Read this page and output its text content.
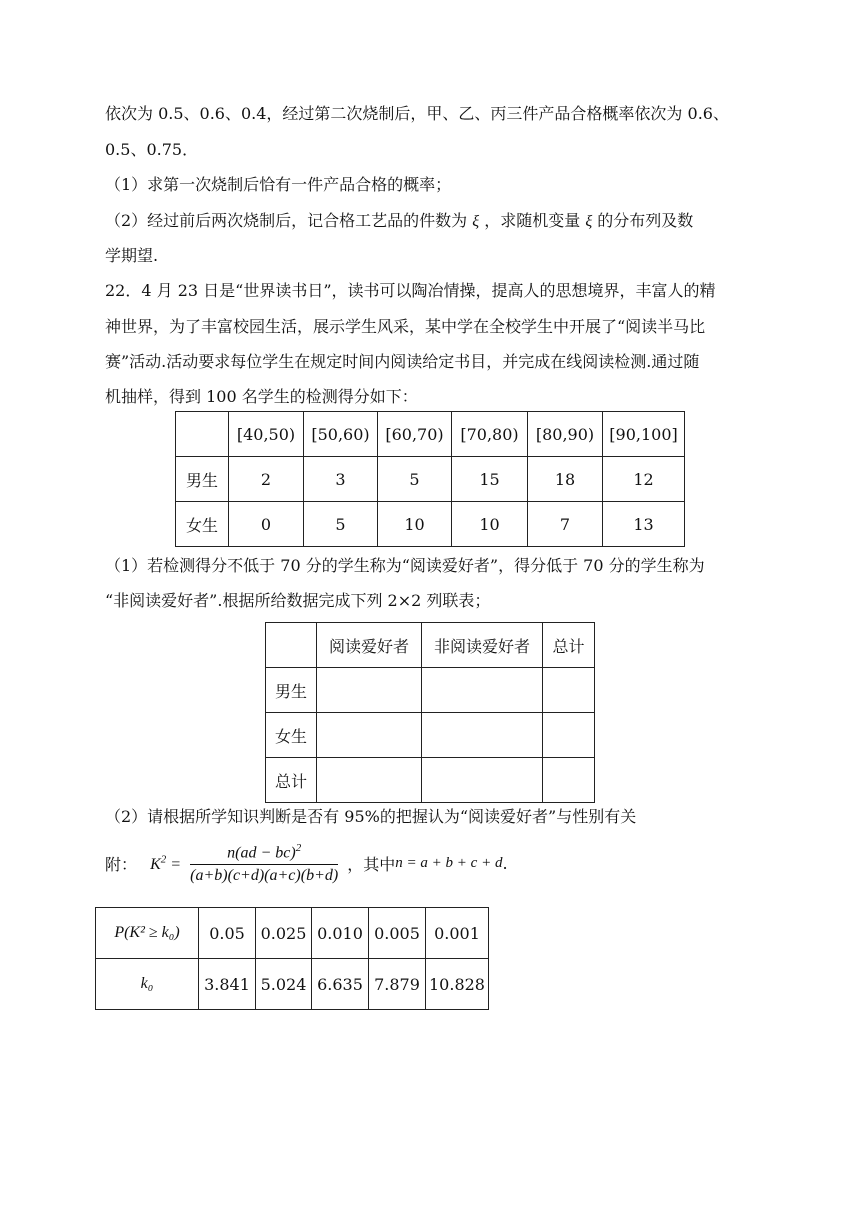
依次为 0.5、0.6、0.4，经过第二次烧制后，甲、乙、丙三件产品合格概率依次为 0.6、
0.5、0.75．
（1）求第一次烧制后恰有一件产品合格的概率；
（2）经过前后两次烧制后，记合格工艺品的件数为 ξ ，求随机变量 ξ 的分布列及数
学期望.
22．4 月 23 日是“世界读书日”，读书可以陶冶情操，提高人的思想境界，丰富人的精
神世界，为了丰富校园生活，展示学生风采，某中学在全校学生中开展了“阅读半马比
赛”活动.活动要求每位学生在规定时间内阅读给定书目，并完成在线阅读检测.通过随
机抽样，得到 100 名学生的检测得分如下：
	[40,50)	[50,60)	[60,70)	[70,80)	[80,90)	[90,100]
男生	2	3	5	15	18	12
女生	0	5	10	10	7	13
（1）若检测得分不低于 70 分的学生称为“阅读爱好者”，得分低于 70 分的学生称为
“非阅读爱好者”.根据所给数据完成下列 2×2 列联表；
	阅读爱好者	非阅读爱好者	总计
男生			
女生			
总计			
（2）请根据所学知识判断是否有 95%的把握认为“阅读爱好者”与性别有关
附： $K^2 = \frac{n(ad - bc)^2}{(a+b)(c+d)(a+c)(b+d)}$ ，其中n = a + b + c + d.
P(K² ≥ k₀)	0.05	0.025	0.010	0.005	0.001
k₀	3.841	5.024	6.635	7.879	10.828
